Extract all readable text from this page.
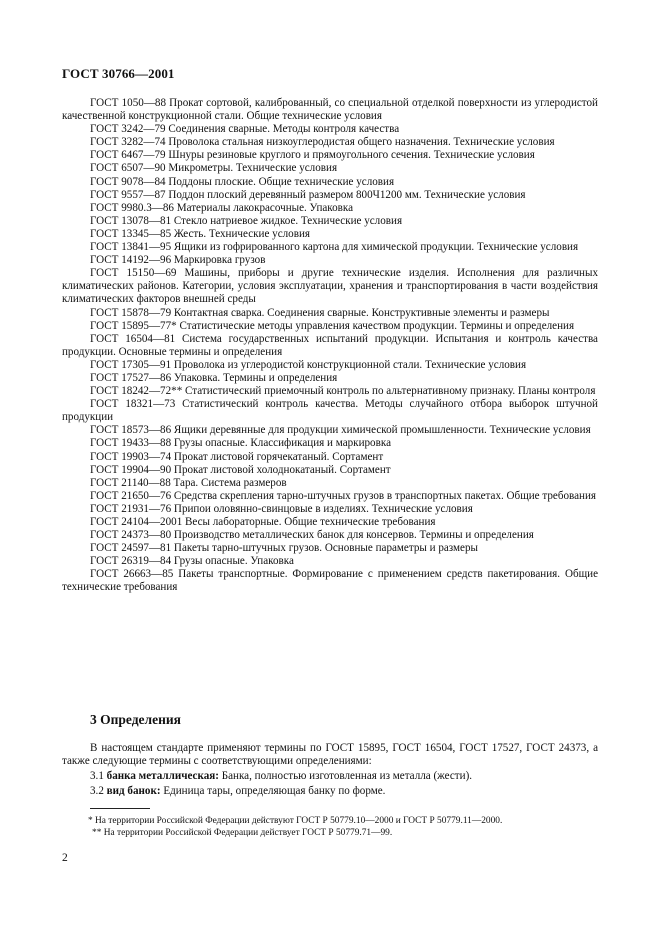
ГОСТ 30766—2001

ГОСТ 1050—88 Прокат сортовой, калиброванный, со специальной отделкой поверхности из углеродистой качественной конструкционной стали. Общие технические условия

ГОСТ 3242—79 Соединения сварные. Методы контроля качества

ГОСТ 3282—74 Проволока стальная низкоуглеродистая общего назначения. Технические условия

ГОСТ 6467—79 Шнуры резиновые круглого и прямоугольного сечения. Технические условия

ГОСТ 6507—90 Микрометры. Технические условия

ГОСТ 9078—84 Поддоны плоские. Общие технические условия

ГОСТ 9557—87 Поддон плоский деревянный размером 800Ч1200 мм. Технические условия

ГОСТ 9980.3—86 Материалы лакокрасочные. Упаковка

ГОСТ 13078—81 Стекло натриевое жидкое. Технические условия

ГОСТ 13345—85 Жесть. Технические условия

ГОСТ 13841—95 Ящики из гофрированного картона для химической продукции. Технические условия

ГОСТ 14192—96 Маркировка грузов

ГОСТ 15150—69 Машины, приборы и другие технические изделия. Исполнения для различных климатических районов. Категории, условия эксплуатации, хранения и транспортирования в части воздействия климатических факторов внешней среды

ГОСТ 15878—79 Контактная сварка. Соединения сварные. Конструктивные элементы и размеры

ГОСТ 15895—77* Статистические методы управления качеством продукции. Термины и определения

ГОСТ 16504—81 Система государственных испытаний продукции. Испытания и контроль качества продукции. Основные термины и определения

ГОСТ 17305—91 Проволока из углеродистой конструкционной стали. Технические условия

ГОСТ 17527—86 Упаковка. Термины и определения

ГОСТ 18242—72** Статистический приемочный контроль по альтернативному признаку. Планы контроля

ГОСТ 18321—73 Статистический контроль качества. Методы случайного отбора выборок штучной продукции

ГОСТ 18573—86 Ящики деревянные для продукции химической промышленности. Технические условия

ГОСТ 19433—88 Грузы опасные. Классификация и маркировка

ГОСТ 19903—74 Прокат листовой горячекатаный. Сортамент

ГОСТ 19904—90 Прокат листовой холоднокатаный. Сортамент

ГОСТ 21140—88 Тара. Система размеров

ГОСТ 21650—76 Средства скрепления тарно-штучных грузов в транспортных пакетах. Общие требования

ГОСТ 21931—76 Припои оловянно-свинцовые в изделиях. Технические условия

ГОСТ 24104—2001 Весы лабораторные. Общие технические требования

ГОСТ 24373—80 Производство металлических банок для консервов. Термины и определения

ГОСТ 24597—81 Пакеты тарно-штучных грузов. Основные параметры и размеры

ГОСТ 26319—84 Грузы опасные. Упаковка

ГОСТ 26663—85 Пакеты транспортные. Формирование с применением средств пакетирования. Общие технические требования

3 Определения

В настоящем стандарте применяют термины по ГОСТ 15895, ГОСТ 16504, ГОСТ 17527, ГОСТ 24373, а также следующие термины с соответствующими определениями:

3.1 банка металлическая: Банка, полностью изготовленная из металла (жести).

3.2 вид банок: Единица тары, определяющая банку по форме.

* На территории Российской Федерации действуют ГОСТ Р 50779.10—2000 и ГОСТ Р 50779.11—2000.

** На территории Российской Федерации действует ГОСТ Р 50779.71—99.

2
